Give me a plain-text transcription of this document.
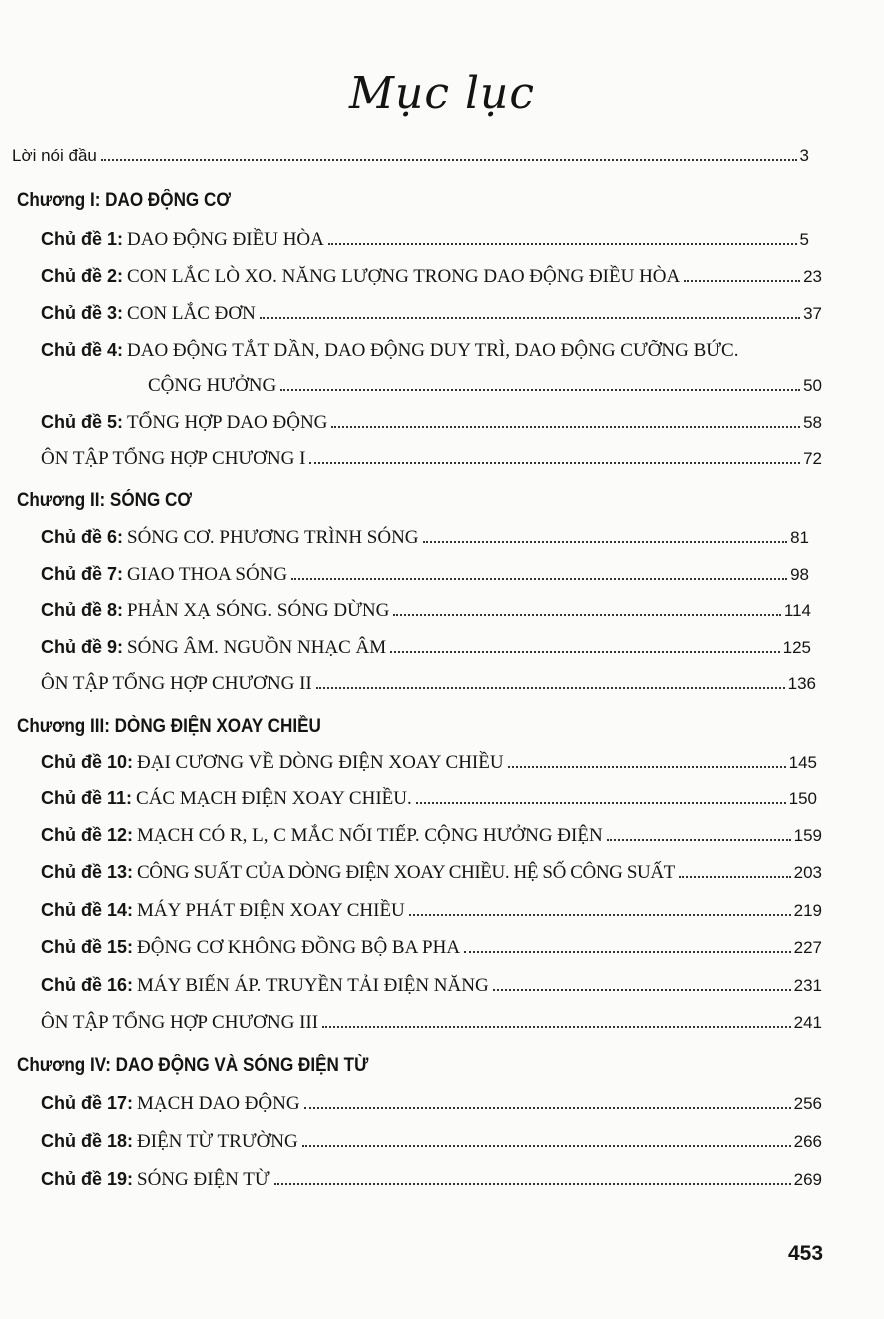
Mục lục
Lời nói đầu	3
Chương I: DAO ĐỘNG CƠ
Chủ đề 1: DAO ĐỘNG ĐIỀU HÒA	5
Chủ đề 2: CON LẮC LÒ XO. NĂNG LƯỢNG TRONG DAO ĐỘNG ĐIỀU HÒA	23
Chủ đề 3: CON LẮC ĐƠN	37
Chủ đề 4: DAO ĐỘNG TẮT DẦN, DAO ĐỘNG DUY TRÌ, DAO ĐỘNG CƯỠNG BỨC.
CỘNG HƯỞNG	50
Chủ đề 5: TỔNG HỢP DAO ĐỘNG	58
ÔN TẬP TỔNG HỢP CHƯƠNG I	72
Chương II: SÓNG CƠ
Chủ đề 6: SÓNG CƠ. PHƯƠNG TRÌNH SÓNG	81
Chủ đề 7: GIAO THOA SÓNG	98
Chủ đề 8: PHẢN XẠ SÓNG. SÓNG DỪNG	114
Chủ đề 9: SÓNG ÂM. NGUỒN NHẠC ÂM	125
ÔN TẬP TỔNG HỢP CHƯƠNG II	136
Chương III: DÒNG ĐIỆN XOAY CHIỀU
Chủ đề 10: ĐẠI CƯƠNG VỀ DÒNG ĐIỆN XOAY CHIỀU	145
Chủ đề 11: CÁC MẠCH ĐIỆN XOAY CHIỀU.	150
Chủ đề 12: MẠCH CÓ R, L, C MẮC NỐI TIẾP. CỘNG HƯỞNG ĐIỆN	159
Chủ đề 13: CÔNG SUẤT CỦA DÒNG ĐIỆN XOAY CHIỀU. HỆ SỐ CÔNG SUẤT	203
Chủ đề 14: MÁY PHÁT ĐIỆN XOAY CHIỀU	219
Chủ đề 15: ĐỘNG CƠ KHÔNG ĐỒNG BỘ BA PHA	227
Chủ đề 16: MÁY BIẾN ÁP. TRUYỀN TẢI ĐIỆN NĂNG	231
ÔN TẬP TỔNG HỢP CHƯƠNG III	241
Chương IV: DAO ĐỘNG VÀ SÓNG ĐIỆN TỪ
Chủ đề 17: MẠCH DAO ĐỘNG	256
Chủ đề 18: ĐIỆN TỪ TRƯỜNG	266
Chủ đề 19: SÓNG ĐIỆN TỪ	269
453
